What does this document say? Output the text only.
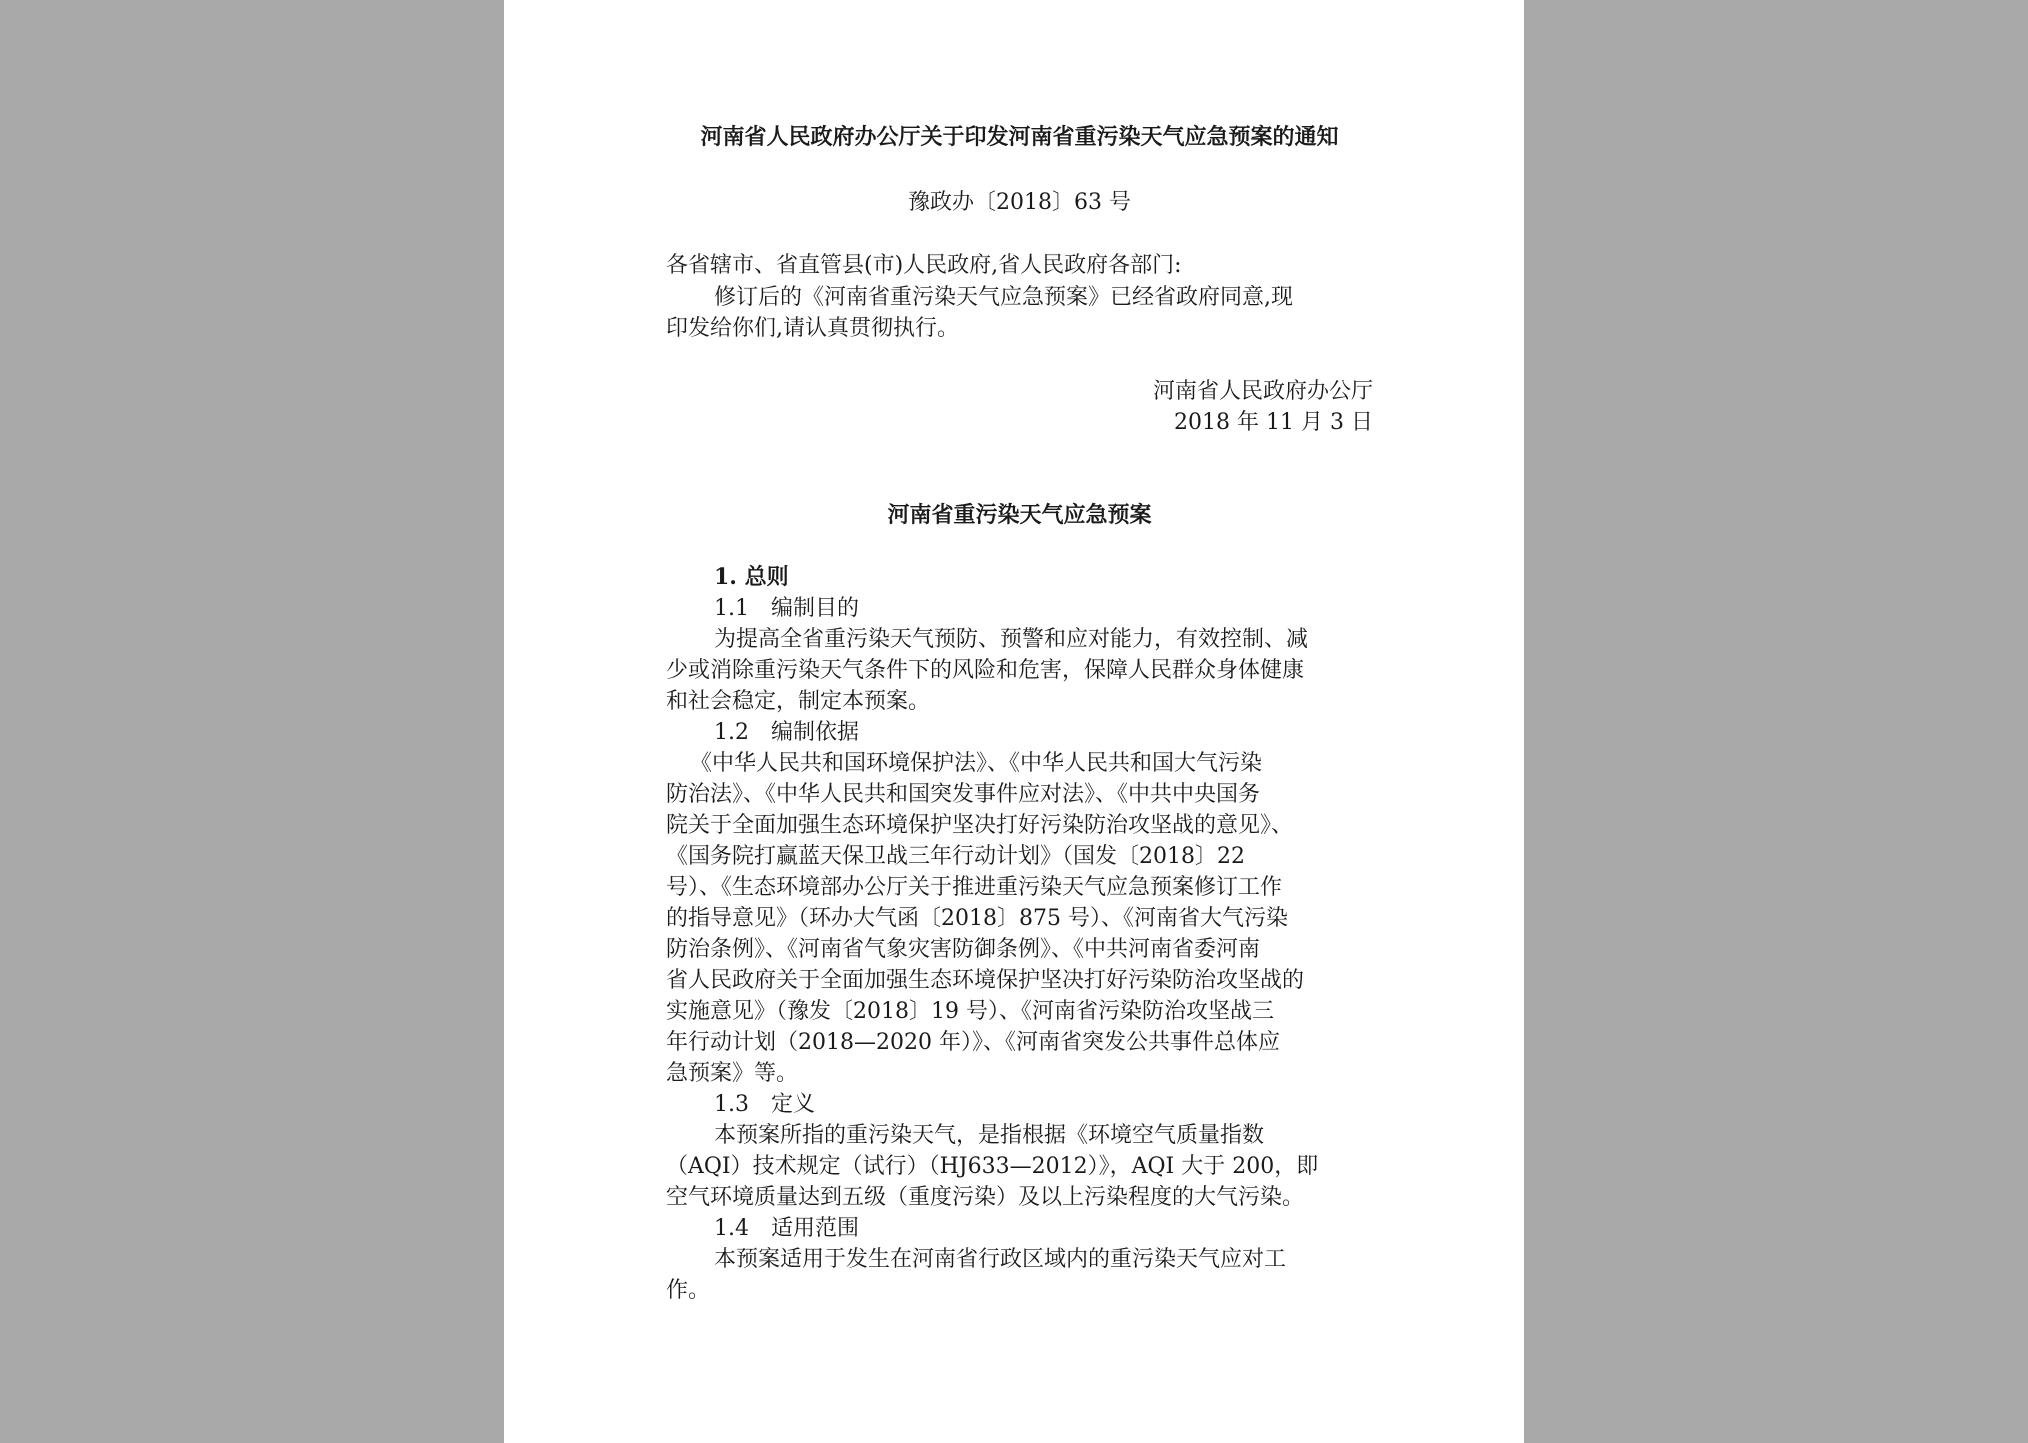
河南省人民政府办公厅关于印发河南省重污染天气应急预案的通知
豫政办〔2018〕63 号
各省辖市、省直管县(市)人民政府,省人民政府各部门:
修订后的《河南省重污染天气应急预案》已经省政府同意,现
印发给你们,请认真贯彻执行。
河南省人民政府办公厅
2018 年 11 月 3 日
河南省重污染天气应急预案
1. 总则
1.1　编制目的
为提高全省重污染天气预防、预警和应对能力，有效控制、减
少或消除重污染天气条件下的风险和危害，保障人民群众身体健康
和社会稳定，制定本预案。
1.2　编制依据
《中华人民共和国环境保护法》、《中华人民共和国大气污染
防治法》、《中华人民共和国突发事件应对法》、《中共中央国务
院关于全面加强生态环境保护坚决打好污染防治攻坚战的意见》、
《国务院打赢蓝天保卫战三年行动计划》（国发〔2018〕22
号）、《生态环境部办公厅关于推进重污染天气应急预案修订工作
的指导意见》（环办大气函〔2018〕875 号）、《河南省大气污染
防治条例》、《河南省气象灾害防御条例》、《中共河南省委河南
省人民政府关于全面加强生态环境保护坚决打好污染防治攻坚战的
实施意见》（豫发〔2018〕19 号）、《河南省污染防治攻坚战三
年行动计划（2018—2020 年）》、《河南省突发公共事件总体应
急预案》等。
1.3　定义
本预案所指的重污染天气，是指根据《环境空气质量指数
（AQI）技术规定（试行）（HJ633—2012）》，AQI 大于 200，即
空气环境质量达到五级（重度污染）及以上污染程度的大气污染。
1.4　适用范围
本预案适用于发生在河南省行政区域内的重污染天气应对工
作。
